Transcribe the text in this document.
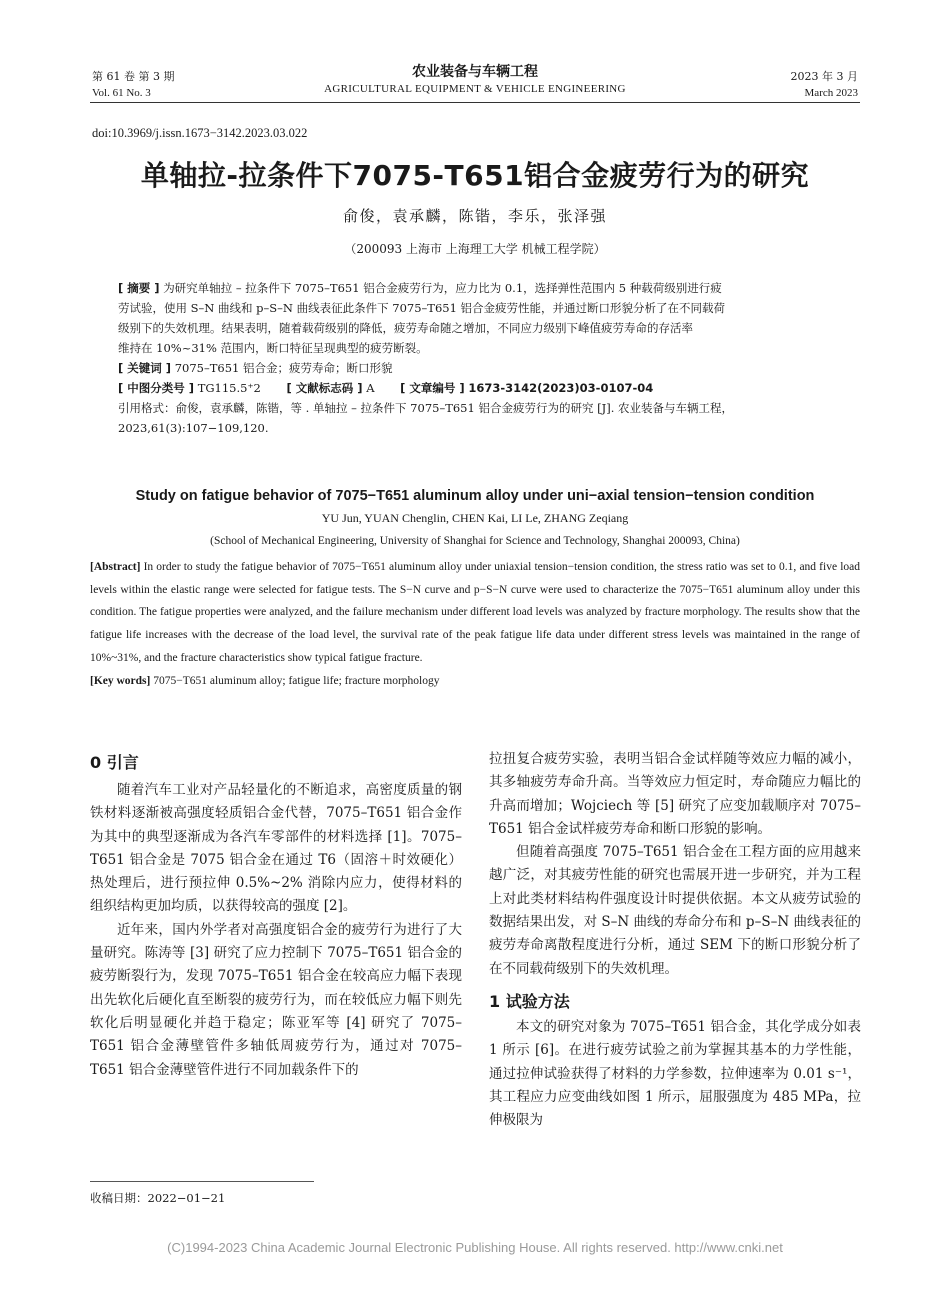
第 61 卷 第 3 期
Vol. 61 No. 3
农业装备与车辆工程
AGRICULTURAL EQUIPMENT & VEHICLE ENGINEERING
2023 年 3 月
March 2023
doi:10.3969/j.issn.1673−3142.2023.03.022
单轴拉-拉条件下7075-T651铝合金疲劳行为的研究
俞俊，袁承麟，陈锴，李乐，张泽强
（200093 上海市 上海理工大学 机械工程学院）
[ 摘要 ] 为研究单轴拉 – 拉条件下 7075–T651 铝合金疲劳行为，应力比为 0.1，选择弹性范围内 5 种载荷级别进行疲
劳试验，使用 S–N 曲线和 p–S–N 曲线表征此条件下 7075–T651 铝合金疲劳性能，并通过断口形貌分析了在不同载荷
级别下的失效机理。结果表明，随着载荷级别的降低，疲劳寿命随之增加，不同应力级别下峰值疲劳寿命的存活率
维持在 10%~31% 范围内，断口特征呈现典型的疲劳断裂。
[ 关键词 ] 7075–T651 铝合金；疲劳寿命；断口形貌
[ 中图分类号 ] TG115.5⁺2 [ 文献标志码 ] A [ 文章编号 ] 1673-3142(2023)03-0107-04
引用格式：俞俊，袁承麟，陈锴，等 . 单轴拉 – 拉条件下 7075–T651 铝合金疲劳行为的研究 [J]. 农业装备与车辆工程，
2023,61(3):107−109,120.
Study on fatigue behavior of 7075−T651 aluminum alloy under uni−axial tension−tension condition
YU Jun, YUAN Chenglin, CHEN Kai, LI Le, ZHANG Zeqiang
(School of Mechanical Engineering, University of Shanghai for Science and Technology, Shanghai 200093, China)
[Abstract] In order to study the fatigue behavior of 7075−T651 aluminum alloy under uniaxial tension−tension condition, the stress ratio was set to 0.1, and five load levels within the elastic range were selected for fatigue tests. The S−N curve and p−S−N curve were used to characterize the 7075−T651 aluminum alloy under this condition. The fatigue properties were analyzed, and the failure mechanism under different load levels was analyzed by fracture morphology. The results show that the fatigue life increases with the decrease of the load level, the survival rate of the peak fatigue life data under different stress levels was maintained in the range of 10%~31%, and the fracture characteristics show typical fatigue fracture.
[Key words] 7075−T651 aluminum alloy; fatigue life; fracture morphology
0 引言

随着汽车工业对产品轻量化的不断追求，高密度质量的钢铁材料逐渐被高强度轻质铝合金代替，7075–T651 铝合金作为其中的典型逐渐成为各汽车零部件的材料选择 [1]。7075–T651 铝合金是 7075 铝合金在通过 T6（固溶＋时效硬化）热处理后，进行预拉伸 0.5%~2% 消除内应力，使得材料的组织结构更加均质，以获得较高的强度 [2]。

近年来，国内外学者对高强度铝合金的疲劳行为进行了大量研究。陈涛等 [3] 研究了应力控制下 7075–T651 铝合金的疲劳断裂行为，发现 7075–T651 铝合金在较高应力幅下表现出先软化后硬化直至断裂的疲劳行为，而在较低应力幅下则先软化后明显硬化并趋于稳定；陈亚军等 [4] 研究了 7075–T651 铝合金薄壁管件多轴低周疲劳行为，通过对 7075–T651 铝合金薄壁管件进行不同加载条件下的

拉扭复合疲劳实验，表明当铝合金试样随等效应力幅的减小，其多轴疲劳寿命升高。当等效应力恒定时，寿命随应力幅比的升高而增加；Wojciech 等 [5] 研究了应变加载顺序对 7075–T651 铝合金试样疲劳寿命和断口形貌的影响。

但随着高强度 7075–T651 铝合金在工程方面的应用越来越广泛，对其疲劳性能的研究也需展开进一步研究，并为工程上对此类材料结构件强度设计时提供依据。本文从疲劳试验的数据结果出发，对 S–N 曲线的寿命分布和 p–S–N 曲线表征的疲劳寿命离散程度进行分析，通过 SEM 下的断口形貌分析了在不同载荷级别下的失效机理。

1 试验方法

本文的研究对象为 7075–T651 铝合金，其化学成分如表 1 所示 [6]。在进行疲劳试验之前为掌握其基本的力学性能，通过拉伸试验获得了材料的力学参数，拉伸速率为 0.01 s⁻¹，其工程应力应变曲线如图 1 所示，屈服强度为 485 MPa，拉伸极限为

收稿日期：2022−01−21
(C)1994-2023 China Academic Journal Electronic Publishing House. All rights reserved. http://www.cnki.net
